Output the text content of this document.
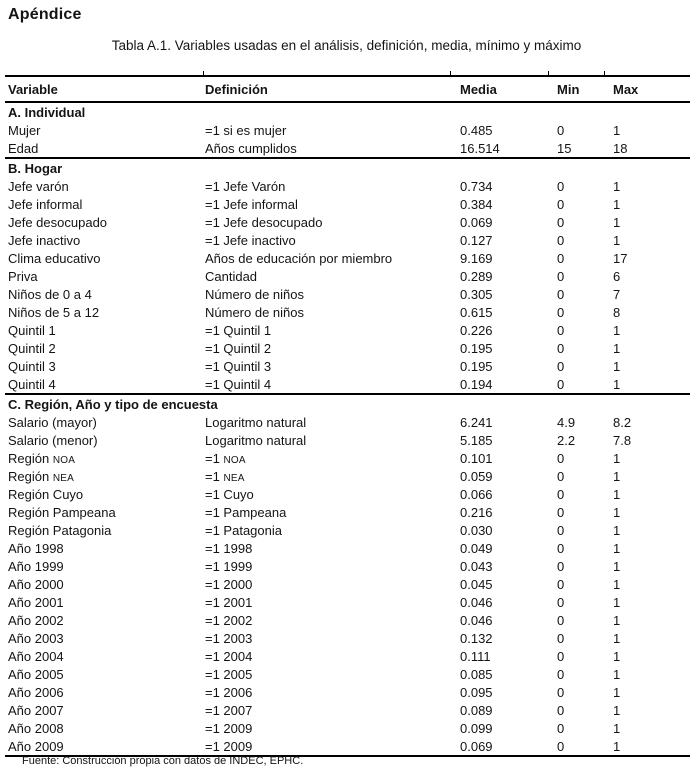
Apéndice
Tabla A.1. Variables usadas en el análisis, definición, media, mínimo y máximo
Variable	Definición	Media	Min	Max
A. Individual				
Mujer	=1 si es mujer	0.485	0	1
Edad	Años cumplidos	16.514	15	18
B. Hogar				
Jefe varón	=1 Jefe Varón	0.734	0	1
Jefe informal	=1 Jefe informal	0.384	0	1
Jefe desocupado	=1 Jefe desocupado	0.069	0	1
Jefe inactivo	=1 Jefe inactivo	0.127	0	1
Clima educativo	Años de educación por miembro	9.169	0	17
Priva	Cantidad	0.289	0	6
Niños de 0 a 4	Número de niños	0.305	0	7
Niños de 5 a 12	Número de niños	0.615	0	8
Quintil 1	=1 Quintil 1	0.226	0	1
Quintil 2	=1 Quintil 2	0.195	0	1
Quintil 3	=1 Quintil 3	0.195	0	1
Quintil 4	=1 Quintil 4	0.194	0	1
C. Región, Año y tipo de encuesta				
Salario (mayor)	Logaritmo natural	6.241	4.9	8.2
Salario (menor)	Logaritmo natural	5.185	2.2	7.8
Región NOA	=1 NOA	0.101	0	1
Región NEA	=1 NEA	0.059	0	1
Región Cuyo	=1 Cuyo	0.066	0	1
Región Pampeana	=1 Pampeana	0.216	0	1
Región Patagonia	=1 Patagonia	0.030	0	1
Año 1998	=1 1998	0.049	0	1
Año 1999	=1 1999	0.043	0	1
Año 2000	=1 2000	0.045	0	1
Año 2001	=1 2001	0.046	0	1
Año 2002	=1 2002	0.046	0	1
Año 2003	=1 2003	0.132	0	1
Año 2004	=1 2004	0.111	0	1
Año 2005	=1 2005	0.085	0	1
Año 2006	=1 2006	0.095	0	1
Año 2007	=1 2007	0.089	0	1
Año 2008	=1 2009	0.099	0	1
Año 2009	=1 2009	0.069	0	1
Fuente: Construcción propia con datos de INDEC, EPHC.
